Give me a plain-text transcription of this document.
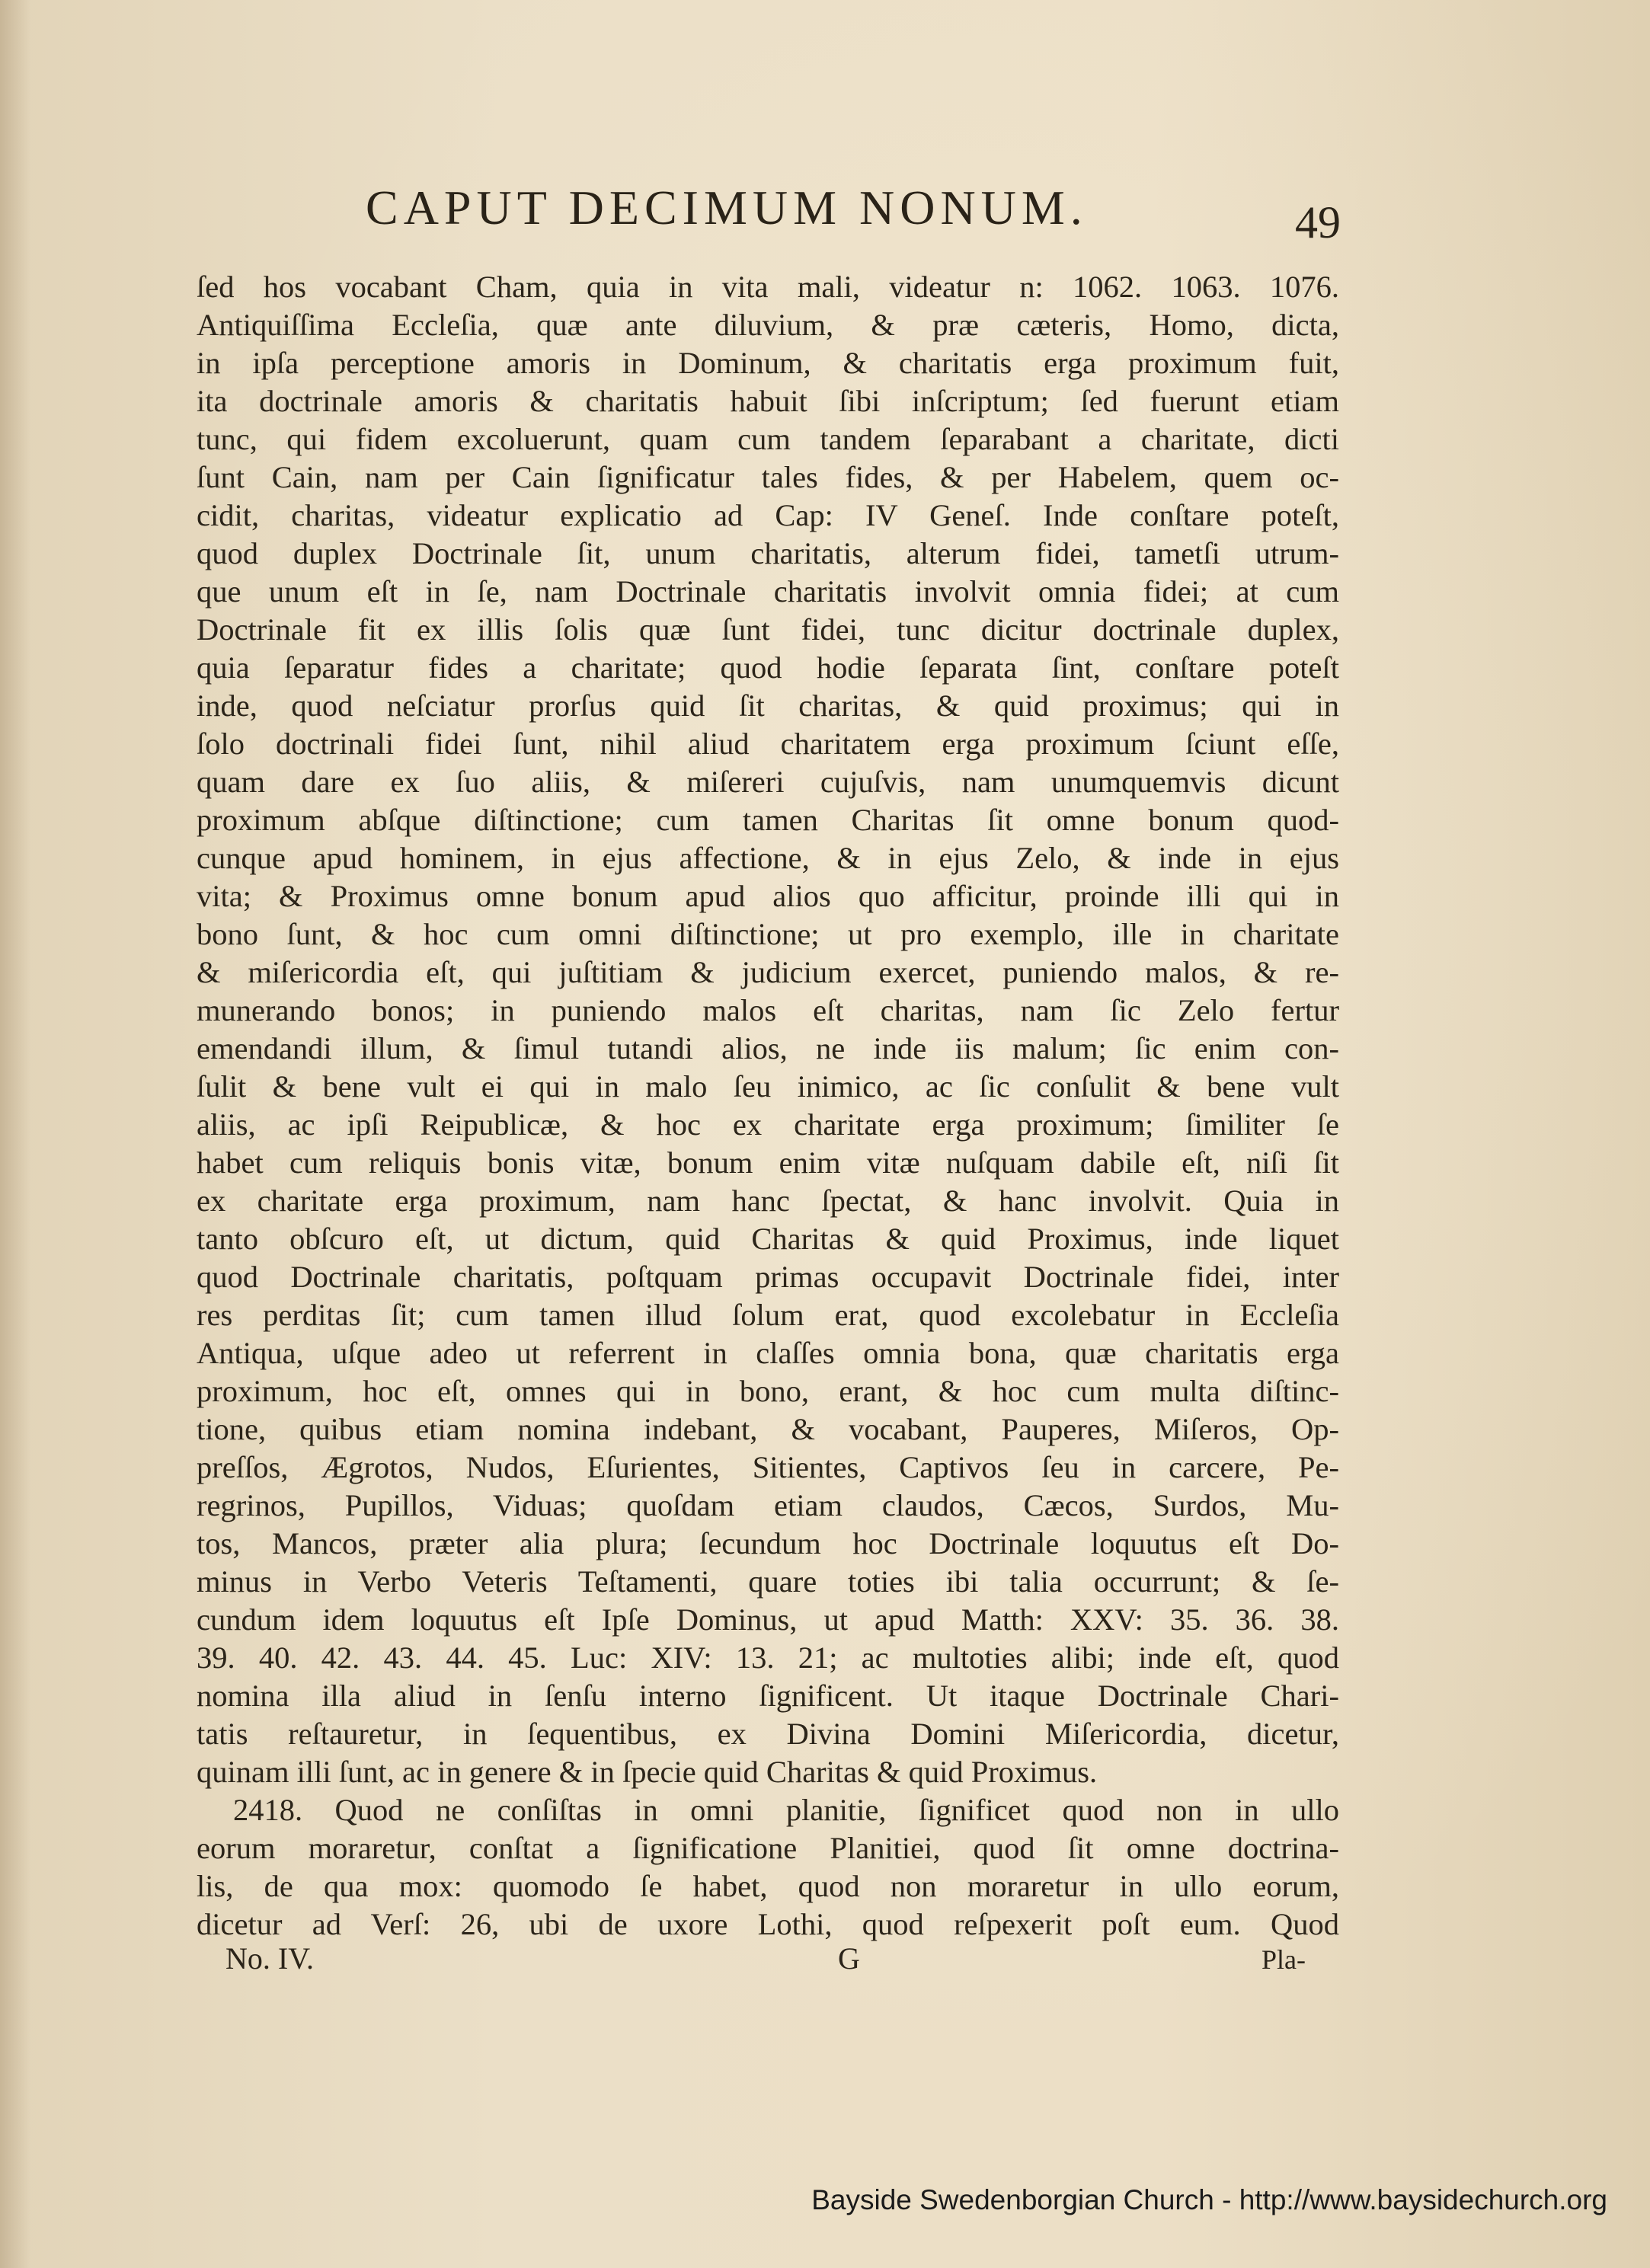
CAPUT DECIMUM NONUM.	49
ſed hos vocabant Cham, quia in vita mali, videatur n: 1062. 1063. 1076.
Antiquiſſima Eccleſia, quæ ante diluvium, & præ cæteris, Homo, dicta,
in ipſa perceptione amoris in Dominum, & charitatis erga proximum fuit,
ita doctrinale amoris & charitatis habuit ſibi inſcriptum; ſed fuerunt etiam
tunc, qui fidem excoluerunt, quam cum tandem ſeparabant a charitate, dicti
ſunt Cain, nam per Cain ſignificatur tales fides, & per Habelem, quem oc-
cidit, charitas, videatur explicatio ad Cap: IV Geneſ. Inde conſtare poteſt,
quod duplex Doctrinale ſit, unum charitatis, alterum fidei, tametſi utrum-
que unum eſt in ſe, nam Doctrinale charitatis involvit omnia fidei; at cum
Doctrinale fit ex illis ſolis quæ ſunt fidei, tunc dicitur doctrinale duplex,
quia ſeparatur fides a charitate; quod hodie ſeparata ſint, conſtare poteſt
inde, quod neſciatur prorſus quid ſit charitas, & quid proximus; qui in
ſolo doctrinali fidei ſunt, nihil aliud charitatem erga proximum ſciunt eſſe,
quam dare ex ſuo aliis, & miſereri cujuſvis, nam unumquemvis dicunt
proximum abſque diſtinctione; cum tamen Charitas ſit omne bonum quod-
cunque apud hominem, in ejus affectione, & in ejus Zelo, & inde in ejus
vita; & Proximus omne bonum apud alios quo afficitur, proinde illi qui in
bono ſunt, & hoc cum omni diſtinctione; ut pro exemplo, ille in charitate
& miſericordia eſt, qui juſtitiam & judicium exercet, puniendo malos, & re-
munerando bonos; in puniendo malos eſt charitas, nam ſic Zelo fertur
emendandi illum, & ſimul tutandi alios, ne inde iis malum; ſic enim con-
ſulit & bene vult ei qui in malo ſeu inimico, ac ſic conſulit & bene vult
aliis, ac ipſi Reipublicæ, & hoc ex charitate erga proximum; ſimiliter ſe
habet cum reliquis bonis vitæ, bonum enim vitæ nuſquam dabile eſt, niſi ſit
ex charitate erga proximum, nam hanc ſpectat, & hanc involvit. Quia in
tanto obſcuro eſt, ut dictum, quid Charitas & quid Proximus, inde liquet
quod Doctrinale charitatis, poſtquam primas occupavit Doctrinale fidei, inter
res perditas ſit; cum tamen illud ſolum erat, quod excolebatur in Eccleſia
Antiqua, uſque adeo ut referrent in claſſes omnia bona, quæ charitatis erga
proximum, hoc eſt, omnes qui in bono, erant, & hoc cum multa diſtinc-
tione, quibus etiam nomina indebant, & vocabant, Pauperes, Miſeros, Op-
preſſos, Ægrotos, Nudos, Eſurientes, Sitientes, Captivos ſeu in carcere, Pe-
regrinos, Pupillos, Viduas; quoſdam etiam claudos, Cæcos, Surdos, Mu-
tos, Mancos, præter alia plura; ſecundum hoc Doctrinale loquutus eſt Do-
minus in Verbo Veteris Teſtamenti, quare toties ibi talia occurrunt; & ſe-
cundum idem loquutus eſt Ipſe Dominus, ut apud Matth: XXV: 35. 36. 38.
39. 40. 42. 43. 44. 45. Luc: XIV: 13. 21; ac multoties alibi; inde eſt, quod
nomina illa aliud in ſenſu interno ſignificent. Ut itaque Doctrinale Chari-
tatis reſtauretur, in ſequentibus, ex Divina Domini Miſericordia, dicetur,
quinam illi ſunt, ac in genere & in ſpecie quid Charitas & quid Proximus.
2418. Quod ne conſiſtas in omni planitie, ſignificet quod non in ullo
eorum moraretur, conſtat a ſignificatione Planitiei, quod ſit omne doctrina-
lis, de qua mox: quomodo ſe habet, quod non moraretur in ullo eorum,
dicetur ad Verſ: 26, ubi de uxore Lothi, quod reſpexerit poſt eum. Quod
No. IV.	G	Pla-
Bayside Swedenborgian Church - http://www.baysidechurch.org
